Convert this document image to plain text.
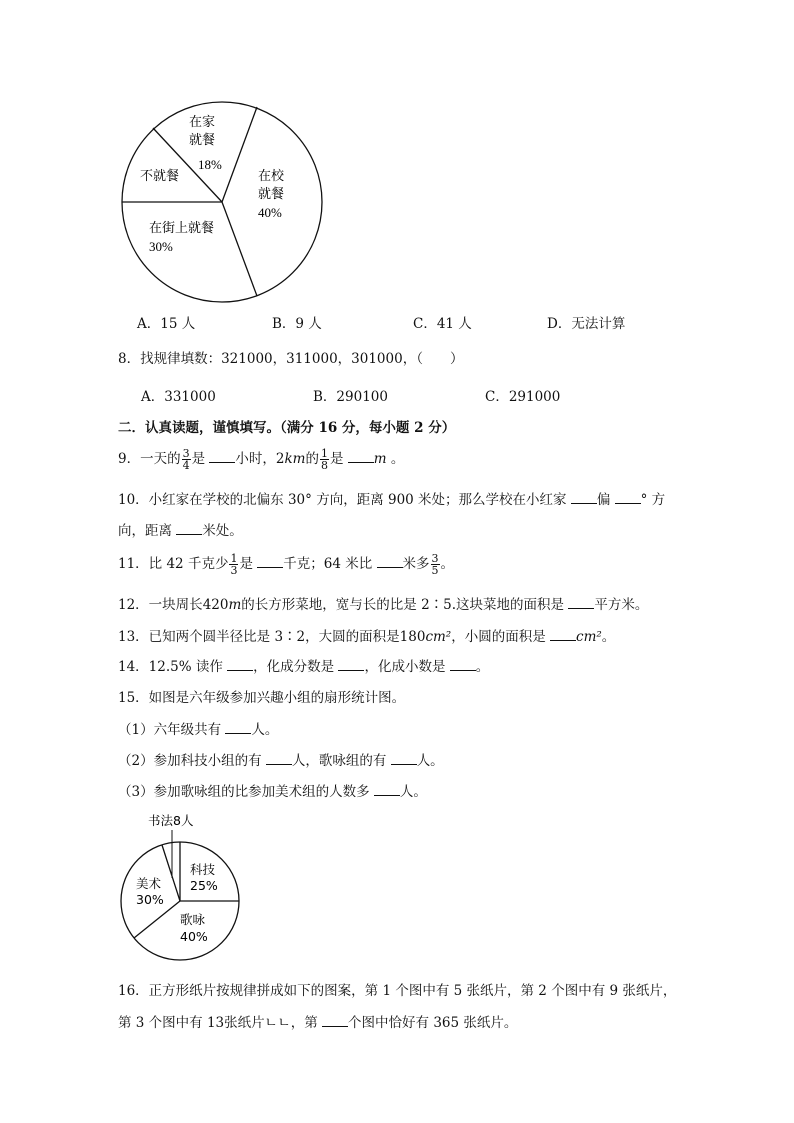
在家
就餐
18%
在校
就餐
40%
不就餐
在街上就餐
30%
A．15 人	B．9 人	C．41 人	D．无法计算
8．找规律填数：321000，311000，301000，（　　）
A．331000	B．290100	C．291000
二．认真读题，谨慎填写。（满分 16 分，每小题 2 分）
9．一天的 $\frac{3}{4}$ 是 小时，2km的 $\frac{1}{8}$ 是 m 。
10．小红家在学校的北偏东 30° 方向，距离 900 米处；那么学校在小红家 偏 ° 方
向，距离 米处。
11．比 42 千克少 $\frac{1}{3}$ 是 千克；64 米比 米多 $\frac{3}{5}$ 。
12．一块周长420m的长方形菜地，宽与长的比是 2∶5.这块菜地的面积是 平方米。
13．已知两个圆半径比是 3∶2，大圆的面积是180cm²，小圆的面积是 cm²。
14．12.5% 读作 ，化成分数是 ，化成小数是 。
15．如图是六年级参加兴趣小组的扇形统计图。
（1）六年级共有 人。
（2）参加科技小组的有 人，歌咏组的有 人。
（3）参加歌咏组的比参加美术组的人数多 人。
书法8人
科技
25%
美术
30%
歌咏
40%
16．正方形纸片按规律拼成如下的图案，第 1 个图中有 5 张纸片，第 2 个图中有 9 张纸片，
第 3 个图中有 13张纸片ㄴㄴ，第 个图中恰好有 365 张纸片。
